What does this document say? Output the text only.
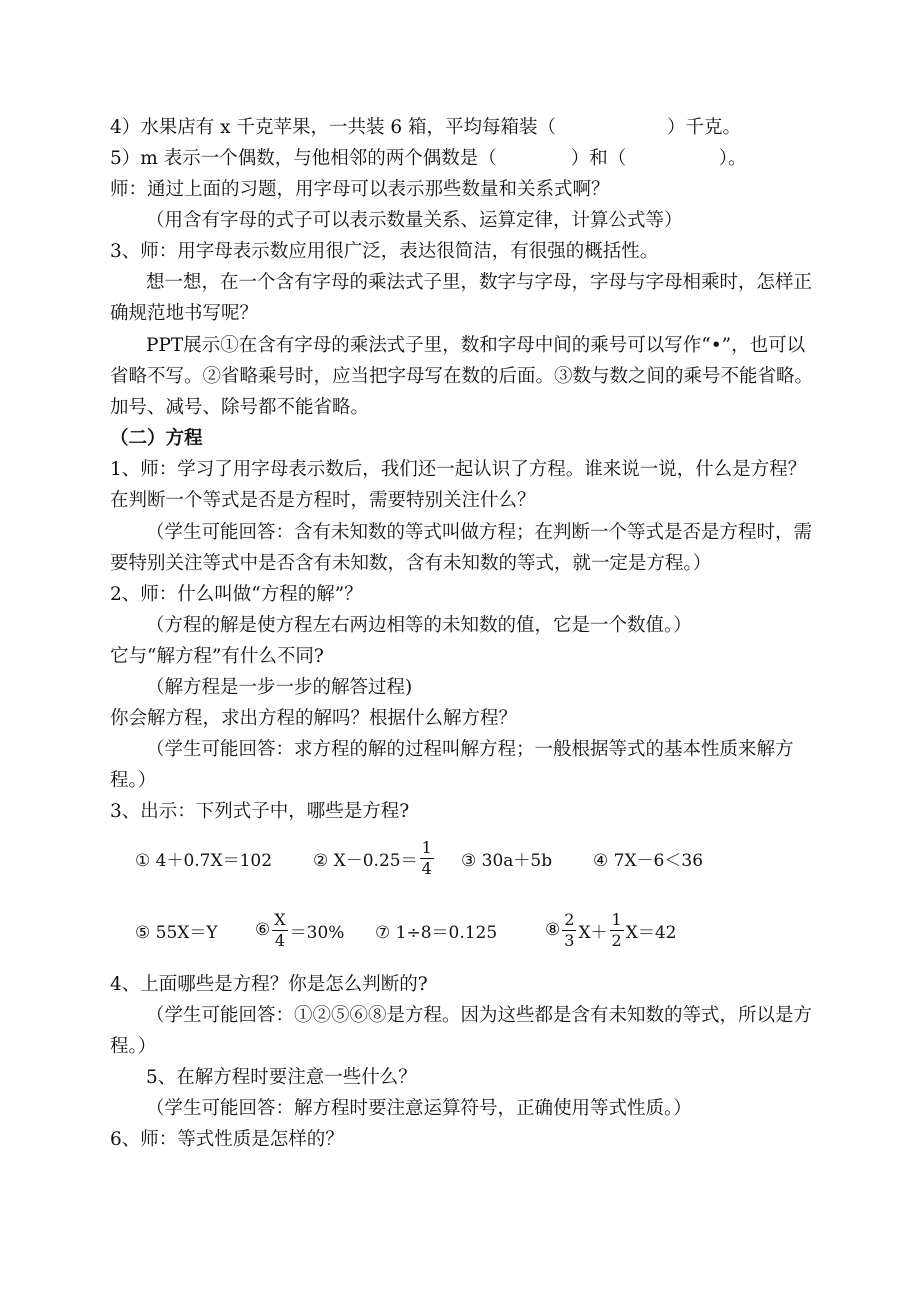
4）水果店有 x 千克苹果，一共装 6 箱，平均每箱装（　　　　　　）千克。
5）m 表示一个偶数，与他相邻的两个偶数是（　　　　）和（　　　　　）。
师：通过上面的习题，用字母可以表示那些数量和关系式啊？
（用含有字母的式子可以表示数量关系、运算定律，计算公式等）
3、师：用字母表示数应用很广泛，表达很简洁，有很强的概括性。
想一想，在一个含有字母的乘法式子里，数字与字母，字母与字母相乘时，怎样正
确规范地书写呢？
PPT展示①在含有字母的乘法式子里，数和字母中间的乘号可以写作“•”，也可以
省略不写。②省略乘号时，应当把字母写在数的后面。③数与数之间的乘号不能省略。
加号、减号、除号都不能省略。
（二）方程
1、师：学习了用字母表示数后，我们还一起认识了方程。谁来说一说，什么是方程？
在判断一个等式是否是方程时，需要特别关注什么？
（学生可能回答：含有未知数的等式叫做方程；在判断一个等式是否是方程时，需
要特别关注等式中是否含有未知数，含有未知数的等式，就一定是方程。）
2、师：什么叫做“方程的解”？
（方程的解是使方程左右两边相等的未知数的值，它是一个数值。）
它与“解方程”有什么不同?
（解方程是一步一步的解答过程)
你会解方程，求出方程的解吗？根据什么解方程？
（学生可能回答：求方程的解的过程叫解方程；一般根据等式的基本性质来解方
程。）
3、出示：下列式子中，哪些是方程?
① 4＋0.7X＝102 ② $X-0.25= \frac{1}{4}$ ③ 30a＋5b ④ 7X－6＜36
⑤ 55X＝Y ⑥ $\frac{X}{4} =30\%$ ⑦ 1÷8＝0.125	⑧ $\frac{2}{3} X+ \frac{1}{2} X=42$
4、上面哪些是方程？你是怎么判断的?
（学生可能回答：①②⑤⑥⑧是方程。因为这些都是含有未知数的等式，所以是方
程。）
5、在解方程时要注意一些什么？
（学生可能回答：解方程时要注意运算符号，正确使用等式性质。）
6、师：等式性质是怎样的？
